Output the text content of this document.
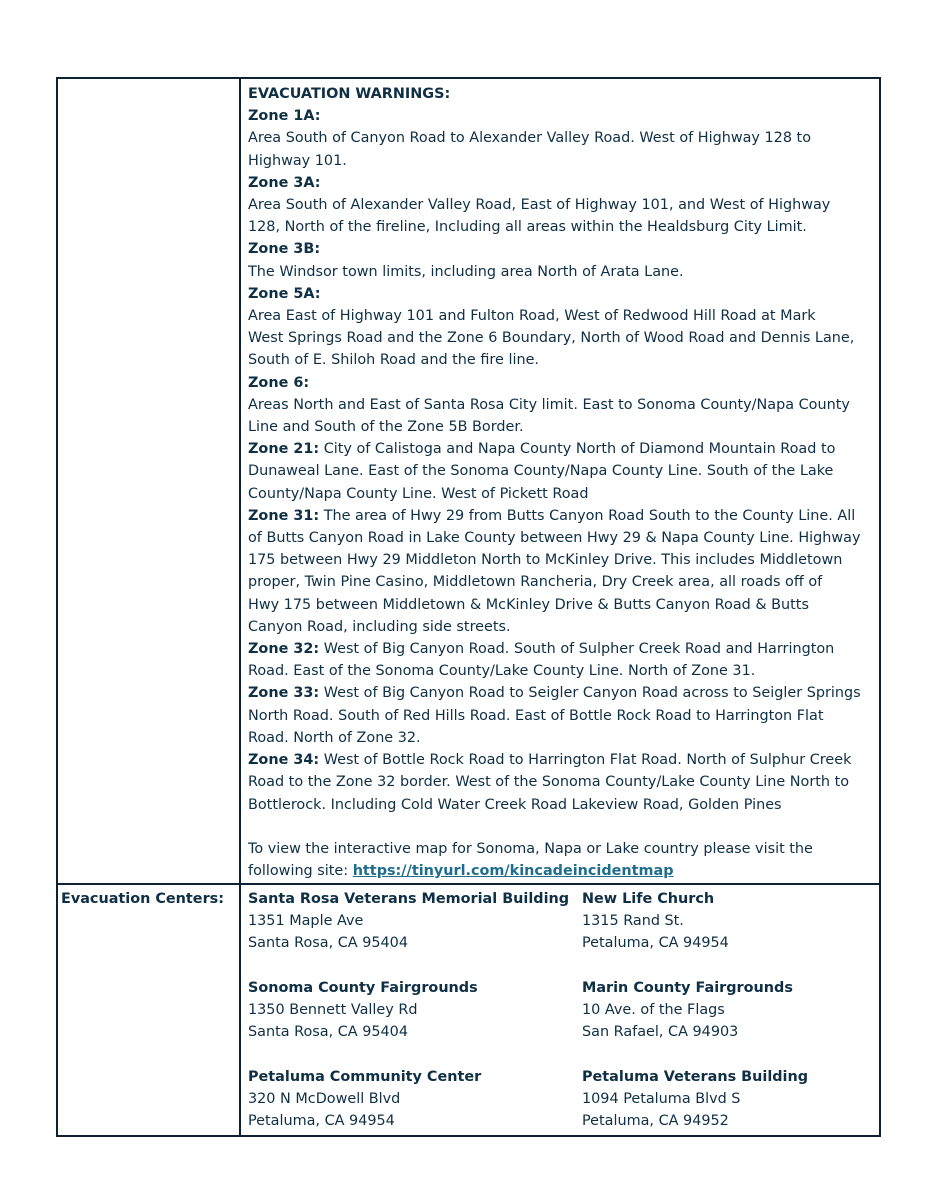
EVACUATION WARNINGS:
Zone 1A:
Area South of Canyon Road to Alexander Valley Road. West of Highway 128 to
Highway 101.
Zone 3A:
Area South of Alexander Valley Road, East of Highway 101, and West of Highway
128, North of the fireline, Including all areas within the Healdsburg City Limit.
Zone 3B:
The Windsor town limits, including area North of Arata Lane.
Zone 5A:
Area East of Highway 101 and Fulton Road, West of Redwood Hill Road at Mark
West Springs Road and the Zone 6 Boundary, North of Wood Road and Dennis Lane,
South of E. Shiloh Road and the fire line.
Zone 6:
Areas North and East of Santa Rosa City limit. East to Sonoma County/Napa County
Line and South of the Zone 5B Border.
Zone 21: City of Calistoga and Napa County North of Diamond Mountain Road to
Dunaweal Lane. East of the Sonoma County/Napa County Line. South of the Lake
County/Napa County Line. West of Pickett Road
Zone 31: The area of Hwy 29 from Butts Canyon Road South to the County Line. All
of Butts Canyon Road in Lake County between Hwy 29 & Napa County Line. Highway
175 between Hwy 29 Middleton North to McKinley Drive. This includes Middletown
proper, Twin Pine Casino, Middletown Rancheria, Dry Creek area, all roads off of
Hwy 175 between Middletown & McKinley Drive & Butts Canyon Road & Butts
Canyon Road, including side streets.
Zone 32: West of Big Canyon Road. South of Sulpher Creek Road and Harrington
Road. East of the Sonoma County/Lake County Line. North of Zone 31.
Zone 33: West of Big Canyon Road to Seigler Canyon Road across to Seigler Springs
North Road. South of Red Hills Road. East of Bottle Rock Road to Harrington Flat
Road. North of Zone 32.
Zone 34: West of Bottle Rock Road to Harrington Flat Road. North of Sulphur Creek
Road to the Zone 32 border. West of the Sonoma County/Lake County Line North to
Bottlerock. Including Cold Water Creek Road Lakeview Road, Golden Pines
To view the interactive map for Sonoma, Napa or Lake country please visit the
following site: https://tinyurl.com/kincadeincidentmap
Evacuation Centers: Santa Rosa Veterans Memorial Building
1351 Maple Ave
Santa Rosa, CA 95404
New Life Church
1315 Rand St.
Petaluma, CA 94954
Sonoma County Fairgrounds
1350 Bennett Valley Rd
Santa Rosa, CA 95404
Marin County Fairgrounds
10 Ave. of the Flags
San Rafael, CA 94903
Petaluma Community Center
320 N McDowell Blvd
Petaluma, CA 94954
Petaluma Veterans Building
1094 Petaluma Blvd S
Petaluma, CA 94952
